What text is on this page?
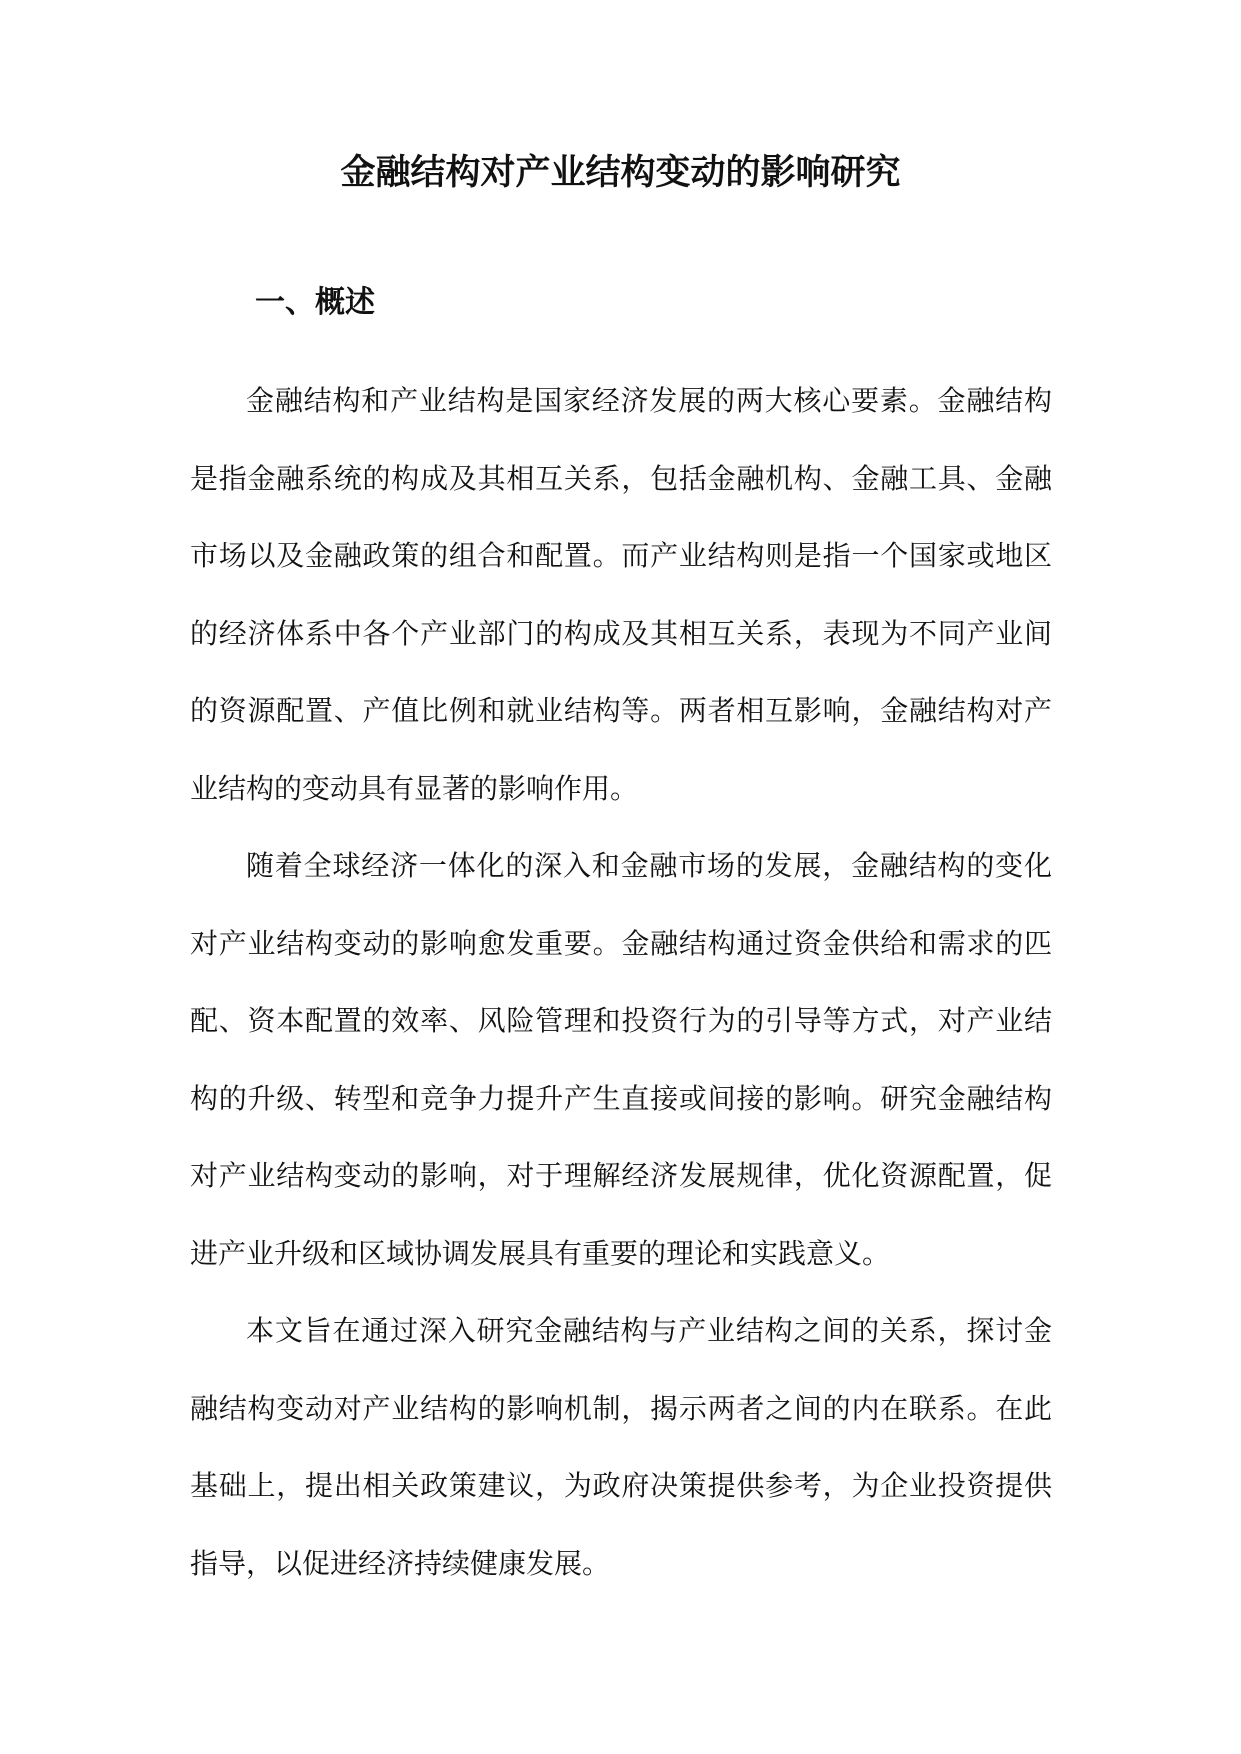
金融结构对产业结构变动的影响研究
一、概述

金融结构和产业结构是国家经济发展的两大核心要素。金融结构是指金融系统的构成及其相互关系，包括金融机构、金融工具、金融市场以及金融政策的组合和配置。而产业结构则是指一个国家或地区的经济体系中各个产业部门的构成及其相互关系，表现为不同产业间的资源配置、产值比例和就业结构等。两者相互影响，金融结构对产业结构的变动具有显著的影响作用。

随着全球经济一体化的深入和金融市场的发展，金融结构的变化对产业结构变动的影响愈发重要。金融结构通过资金供给和需求的匹配、资本配置的效率、风险管理和投资行为的引导等方式，对产业结构的升级、转型和竞争力提升产生直接或间接的影响。研究金融结构对产业结构变动的影响，对于理解经济发展规律，优化资源配置，促进产业升级和区域协调发展具有重要的理论和实践意义。

本文旨在通过深入研究金融结构与产业结构之间的关系，探讨金融结构变动对产业结构的影响机制，揭示两者之间的内在联系。在此基础上，提出相关政策建议，为政府决策提供参考，为企业投资提供指导，以促进经济持续健康发展。
